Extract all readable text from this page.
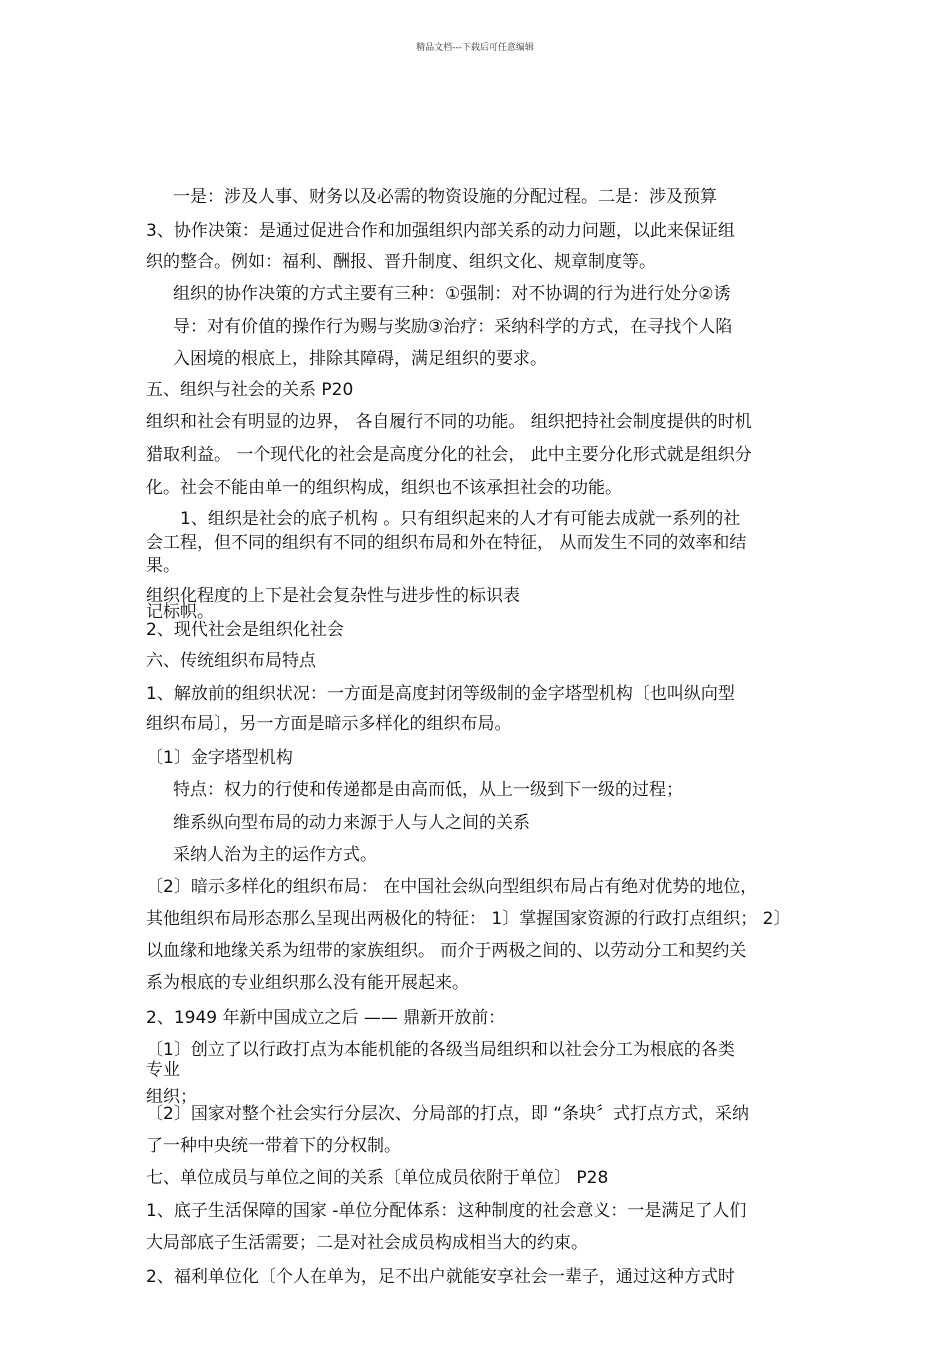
精品文档---下载后可任意编辑
一是：涉及人事、财务以及必需的物资设施的分配过程。二是：涉及预算
3、协作决策：是通过促进合作和加强组织内部关系的动力问题，以此来保证组
织的整合。例如：福利、酬报、晋升制度、组织文化、规章制度等。
组织的协作决策的方式主要有三种：①强制：对不协调的行为进行处分②诱
导：对有价值的操作行为赐与奖励③治疗：采纳科学的方式，在寻找个人陷
入困境的根底上，排除其障碍，满足组织的要求。
五、组织与社会的关系 P20
组织和社会有明显的边界， 各自履行不同的功能。 组织把持社会制度提供的时机
猎取利益。 一个现代化的社会是高度分化的社会， 此中主要分化形式就是组织分
化。社会不能由单一的组织构成，组织也不该承担社会的功能。
1、组织是社会的底子机构 。只有组织起来的人才有可能去成就一系列的社
会工程，但不同的组织有不同的组织布局和外在特征， 从而发生不同的效率和结
果。
组织化程度的上下是社会复杂性与进步性的标识表
记标帜。
2、现代社会是组织化社会
六、传统组织布局特点
1、解放前的组织状况：一方面是高度封闭等级制的金字塔型机构〔也叫纵向型
组织布局〕，另一方面是暗示多样化的组织布局。
〔1〕金字塔型机构
特点：权力的行使和传递都是由高而低，从上一级到下一级的过程；
维系纵向型布局的动力来源于人与人之间的关系
采纳人治为主的运作方式。
〔2〕暗示多样化的组织布局： 在中国社会纵向型组织布局占有绝对优势的地位，
其他组织布局形态那么呈现出两极化的特征： 1〕掌握国家资源的行政打点组织； 2〕
以血缘和地缘关系为纽带的家族组织。 而介于两极之间的、以劳动分工和契约关
系为根底的专业组织那么没有能开展起来。
2、1949 年新中国成立之后 —— 鼎新开放前：
〔1〕创立了以行政打点为本能机能的各级当局组织和以社会分工为根底的各类
专业
组织；
〔2〕国家对整个社会实行分层次、分局部的打点，即 “条块〞式打点方式，采纳
了一种中央统一带着下的分权制。
七、单位成员与单位之间的关系〔单位成员依附于单位〕 P28
1、底子生活保障的国家 -单位分配体系：这种制度的社会意义：一是满足了人们
大局部底子生活需要；二是对社会成员构成相当大的约束。
2、福利单位化〔个人在单为，足不出户就能安享社会一辈子，通过这种方式时
